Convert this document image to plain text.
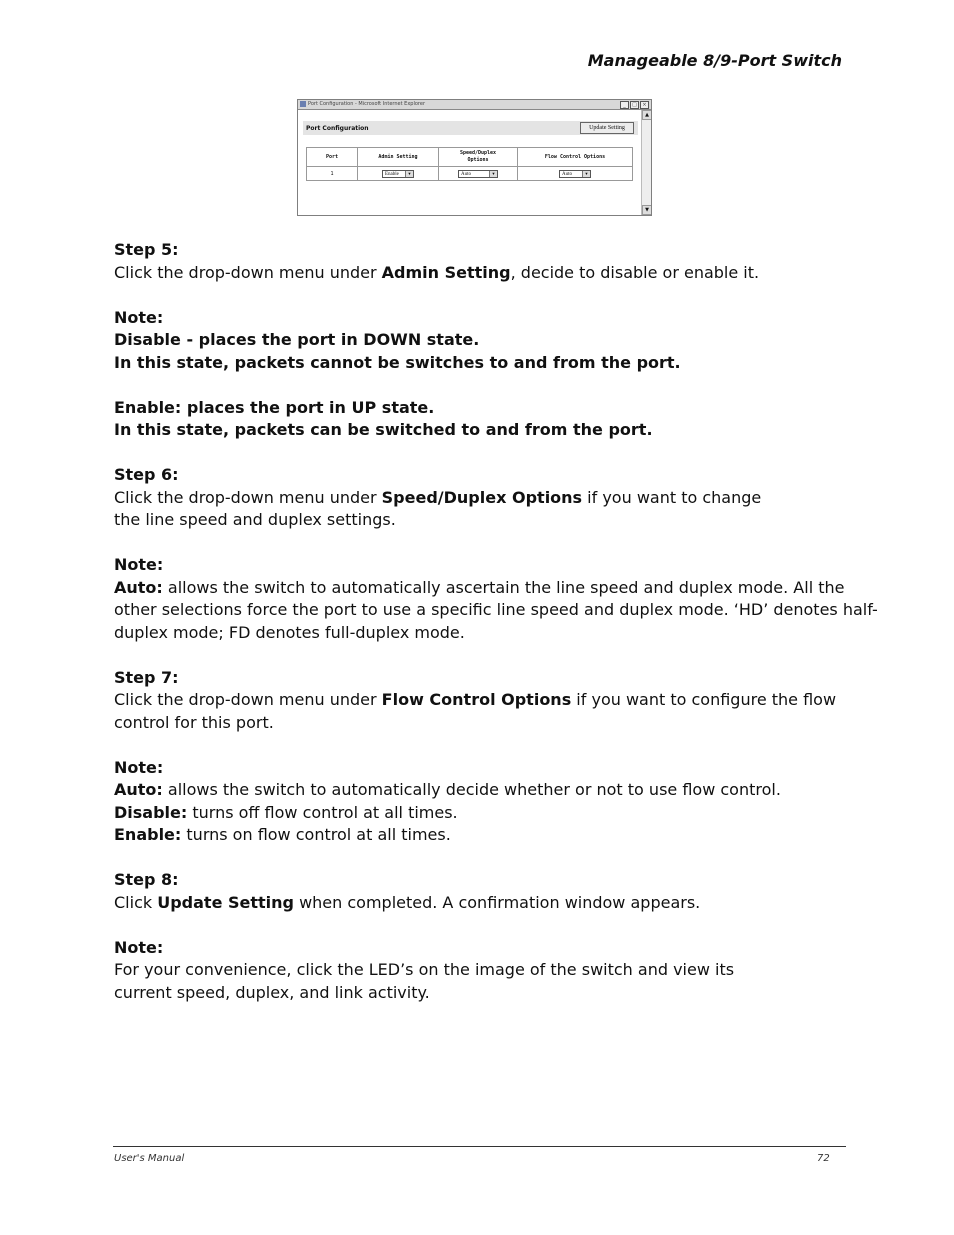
Manageable 8/9-Port Switch
Port Configuration - Microsoft Internet Explorer	_	□	×
▲
▼
Port Configuration	Update Setting
Port	Admin Setting	Speed/Duplex Options	Flow Control Options
1	Enable ▼	Auto ▼	Auto ▼

Step 5:
Click the drop-down menu under Admin Setting, decide to disable or enable it.

Note:
Disable - places the port in DOWN state.
In this state, packets cannot be switches to and from the port.

Enable: places the port in UP state.
In this state, packets can be switched to and from the port.

Step 6:
Click the drop-down menu under Speed/Duplex Options if you want to change
the line speed and duplex settings.

Note:
Auto: allows the switch to automatically ascertain the line speed and duplex mode. All the other selections force the port to use a specific line speed and duplex mode. ‘HD’ denotes half-duplex mode; FD denotes full-duplex mode.

Step 7:
Click the drop-down menu under Flow Control Options if you want to configure the flow control for this port.

Note:
Auto: allows the switch to automatically decide whether or not to use flow control.
Disable: turns off flow control at all times.
Enable: turns on flow control at all times.

Step 8:
Click Update Setting when completed. A confirmation window appears.

Note:
For your convenience, click the LED’s on the image of the switch and view its
current speed, duplex, and link activity.

User's Manual	72
